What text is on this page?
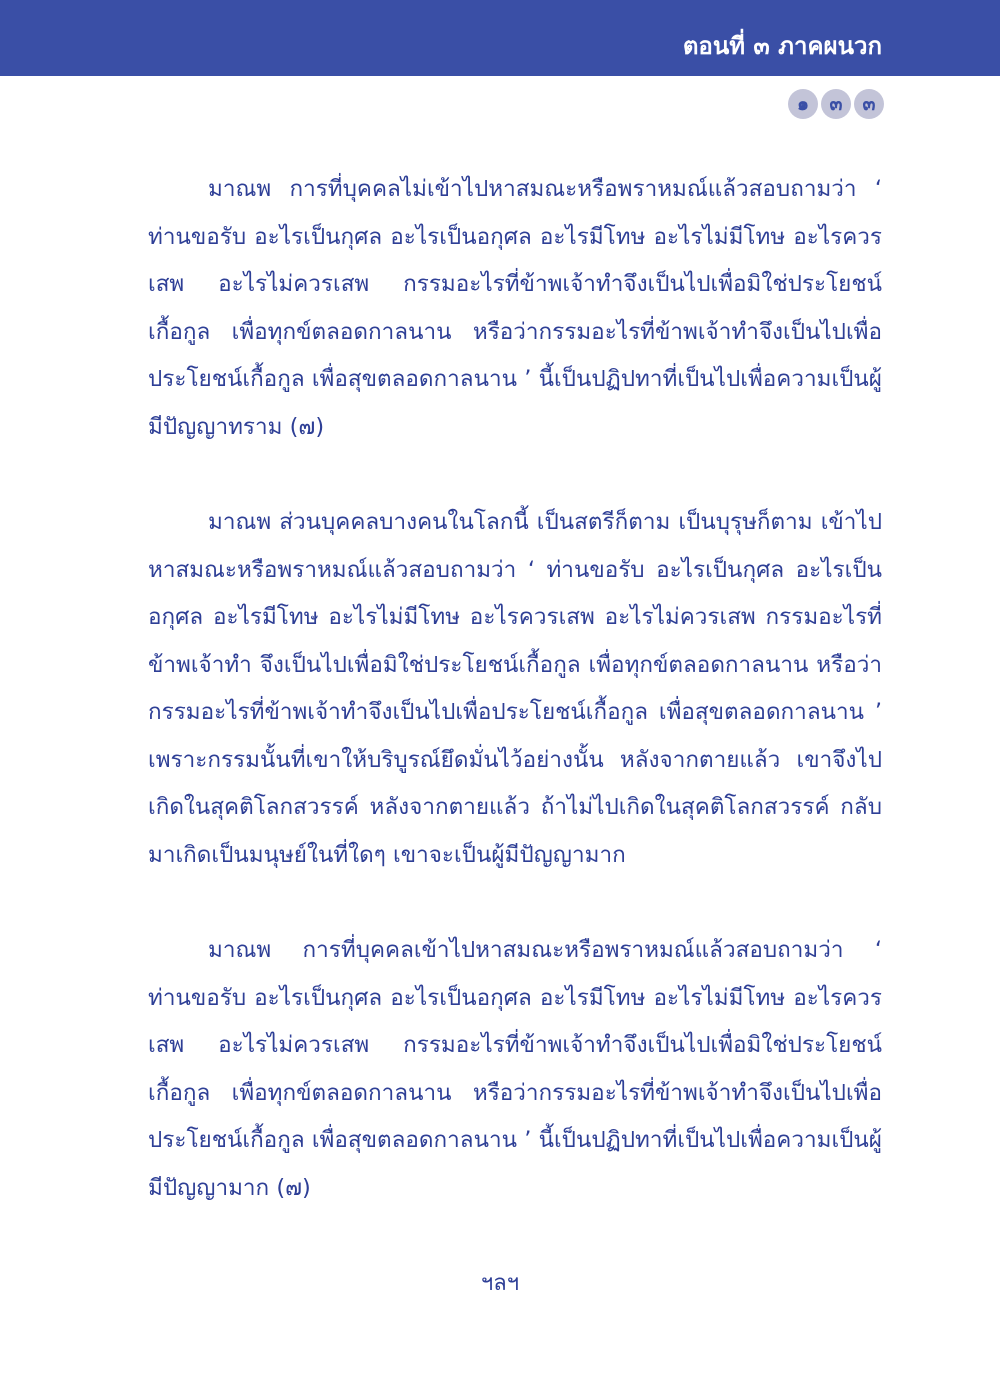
ตอนที่ ๓ ภาคผนวก
๑	๓	๓

มาณพ การที่บุคคลไม่เข้าไปหาสมณะหรือพราหมณ์แล้วสอบถามว่า ‘ ท่านขอรับ อะไรเป็นกุศล อะไรเป็นอกุศล อะไรมีโทษ อะไรไม่มีโทษ อะไรควรเสพ อะไรไม่ควรเสพ กรรมอะไรที่ข้าพเจ้าทำจึงเป็นไปเพื่อมิใช่ประโยชน์เกื้อกูล เพื่อทุกข์ตลอดกาลนาน หรือว่ากรรมอะไรที่ข้าพเจ้าทำจึงเป็นไปเพื่อประโยชน์เกื้อกูล เพื่อสุขตลอดกาลนาน ’ นี้เป็นปฏิปทาที่เป็นไปเพื่อความเป็นผู้มีปัญญาทราม (๗)

มาณพ ส่วนบุคคลบางคนในโลกนี้ เป็นสตรีก็ตาม เป็นบุรุษก็ตาม เข้าไปหาสมณะหรือพราหมณ์แล้วสอบถามว่า ‘ ท่านขอรับ อะไรเป็นกุศล อะไรเป็นอกุศล อะไรมีโทษ อะไรไม่มีโทษ อะไรควรเสพ อะไรไม่ควรเสพ กรรมอะไรที่ข้าพเจ้าทำ จึงเป็นไปเพื่อมิใช่ประโยชน์เกื้อกูล เพื่อทุกข์ตลอดกาลนาน หรือว่ากรรมอะไรที่ข้าพเจ้าทำจึงเป็นไปเพื่อประโยชน์เกื้อกูล เพื่อสุขตลอดกาลนาน ’ เพราะกรรมนั้นที่เขาให้บริบูรณ์ยึดมั่นไว้อย่างนั้น หลังจากตายแล้ว เขาจึงไปเกิดในสุคติโลกสวรรค์ หลังจากตายแล้ว ถ้าไม่ไปเกิดในสุคติโลกสวรรค์ กลับมาเกิดเป็นมนุษย์ในที่ใดๆ เขาจะเป็นผู้มีปัญญามาก

มาณพ การที่บุคคลเข้าไปหาสมณะหรือพราหมณ์แล้วสอบถามว่า ‘ ท่านขอรับ อะไรเป็นกุศล อะไรเป็นอกุศล อะไรมีโทษ อะไรไม่มีโทษ อะไรควรเสพ อะไรไม่ควรเสพ กรรมอะไรที่ข้าพเจ้าทำจึงเป็นไปเพื่อมิใช่ประโยชน์เกื้อกูล เพื่อทุกข์ตลอดกาลนาน หรือว่ากรรมอะไรที่ข้าพเจ้าทำจึงเป็นไปเพื่อประโยชน์เกื้อกูล เพื่อสุขตลอดกาลนาน ’ นี้เป็นปฏิปทาที่เป็นไปเพื่อความเป็นผู้มีปัญญามาก (๗)

ฯลฯ
